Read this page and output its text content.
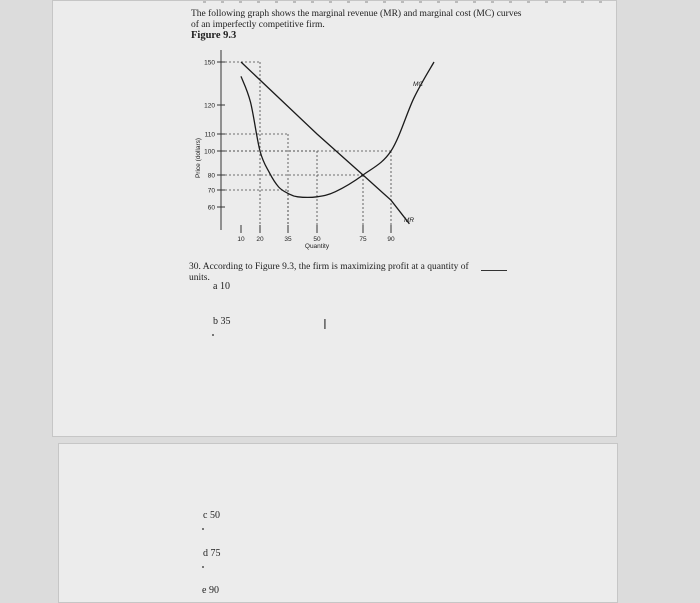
The following graph shows the marginal revenue (MR) and marginal cost (MC) curves
of an imperfectly competitive firm.
Figure 9.3
60
70
80
100
110
120
150
10 20	35	50	75	90
Price (dollars)
Quantity
MC
MR
30. According to Figure 9.3, the firm is maximizing profit at a quantity of
units.
a 10
b 35
c 50
d 75
e 90
I
